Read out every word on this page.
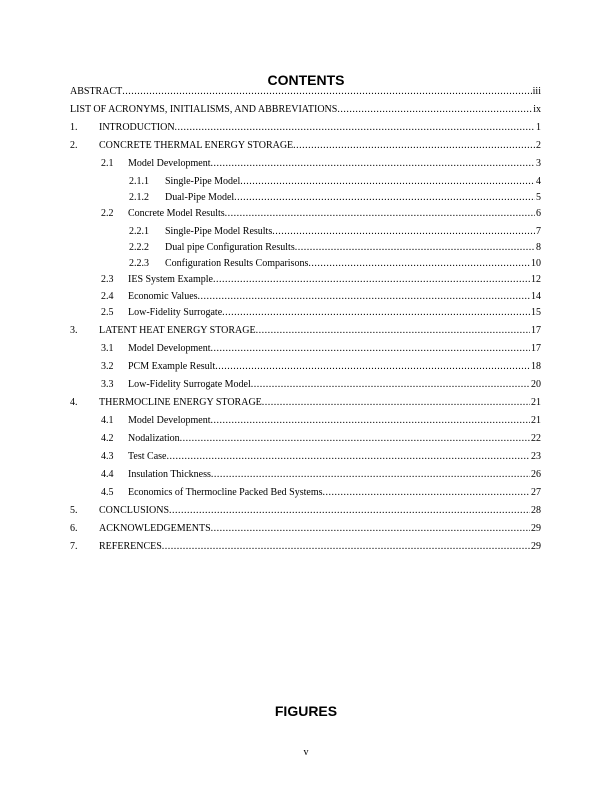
CONTENTS
ABSTRACT .....	iii
LIST OF ACRONYMS, INITIALISMS, AND ABBREVIATIONS .....	ix
1.	INTRODUCTION .....	1
2.	CONCRETE THERMAL ENERGY STORAGE .....	2
2.1	Model Development .....	3
2.1.1	Single-Pipe Model .....	4
2.1.2	Dual-Pipe Model .....	5
2.2	Concrete Model Results .....	6
2.2.1	Single-Pipe Model Results .....	7
2.2.2	Dual pipe Configuration Results .....	8
2.2.3	Configuration Results Comparisons .....	10
2.3	IES System Example .....	12
2.4	Economic Values .....	14
2.5	Low-Fidelity Surrogate .....	15
3.	LATENT HEAT ENERGY STORAGE .....	17
3.1	Model Development .....	17
3.2	PCM Example Result .....	18
3.3	Low-Fidelity Surrogate Model .....	20
4.	THERMOCLINE ENERGY STORAGE .....	21
4.1	Model Development .....	21
4.2	Nodalization .....	22
4.3	Test Case .....	23
4.4	Insulation Thickness .....	26
4.5	Economics of Thermocline Packed Bed Systems .....	27
5.	CONCLUSIONS .....	28
6.	ACKNOWLEDGEMENTS .....	29
7.	REFERENCES .....	29
FIGURES
v
